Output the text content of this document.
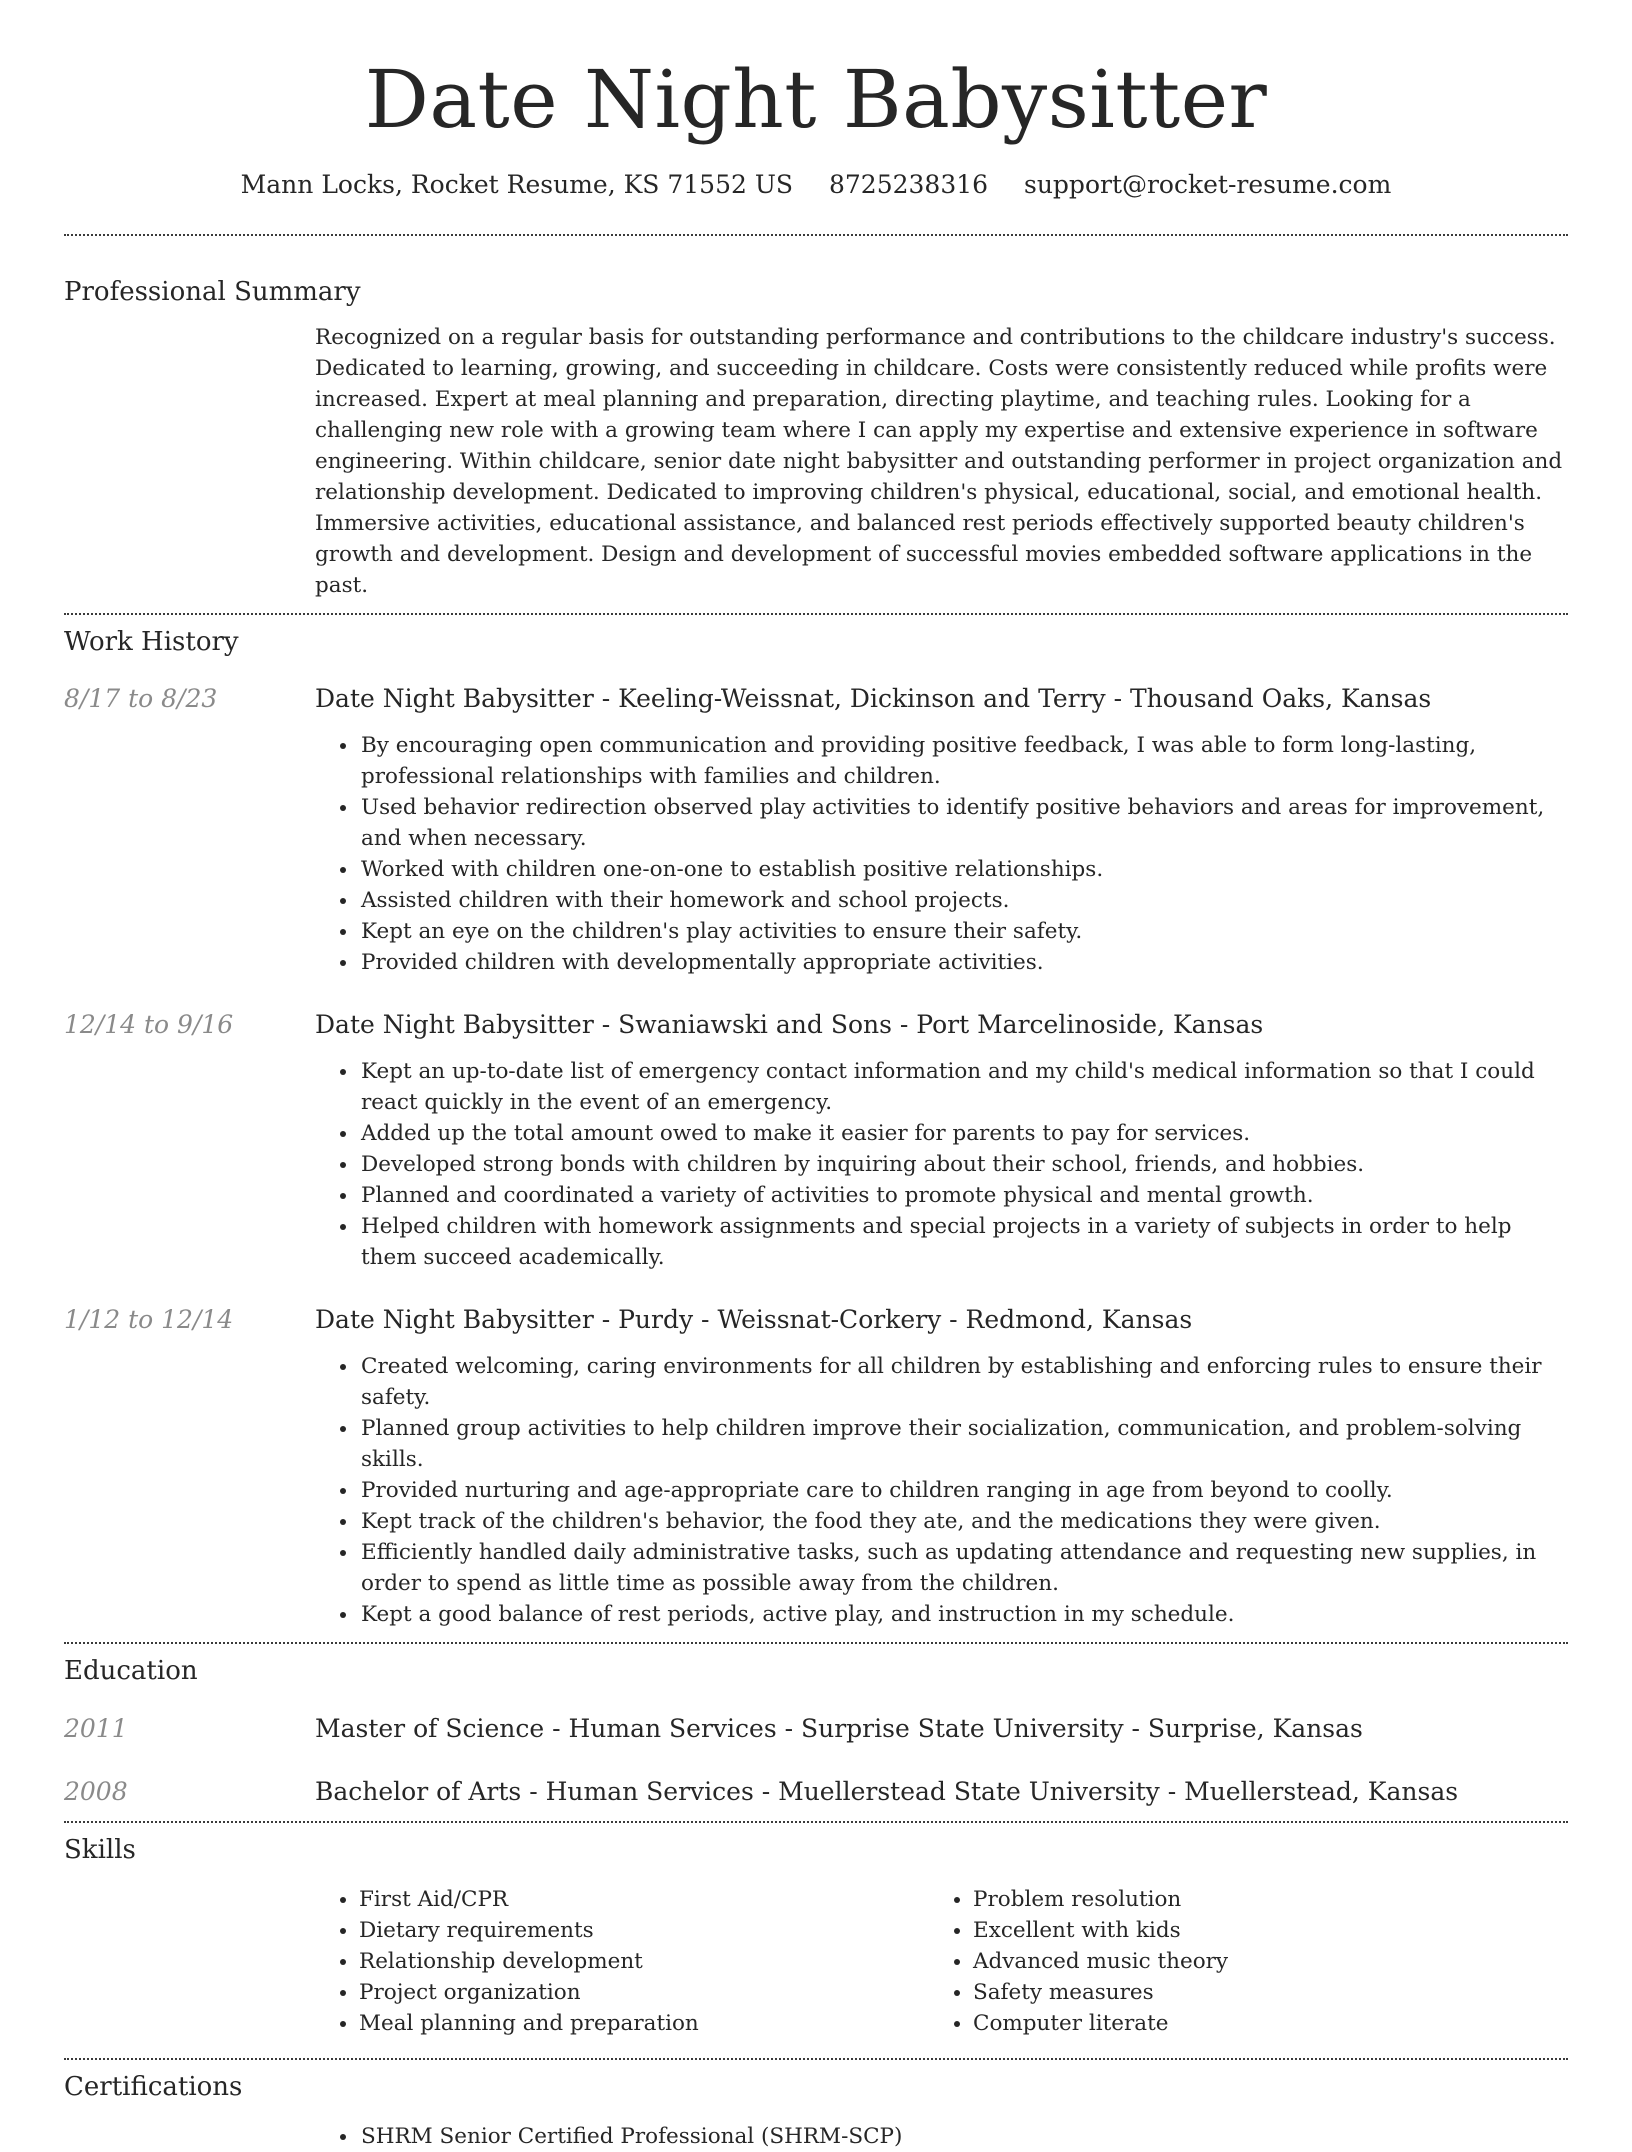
Date Night Babysitter
Mann Locks, Rocket Resume, KS 71552 US 8725238316 support@rocket-resume.com
Professional Summary
Recognized on a regular basis for outstanding performance and contributions to the childcare industry's success. Dedicated to learning, growing, and succeeding in childcare. Costs were consistently reduced while profits were increased. Expert at meal planning and preparation, directing playtime, and teaching rules. Looking for a challenging new role with a growing team where I can apply my expertise and extensive experience in software engineering. Within childcare, senior date night babysitter and outstanding performer in project organization and relationship development. Dedicated to improving children's physical, educational, social, and emotional health. Immersive activities, educational assistance, and balanced rest periods effectively supported beauty children's growth and development. Design and development of successful movies embedded software applications in the past.
Work History
8/17 to 8/23	Date Night Babysitter - Keeling-Weissnat, Dickinson and Terry - Thousand Oaks, Kansas
• By encouraging open communication and providing positive feedback, I was able to form long-lasting, professional relationships with families and children.
• Used behavior redirection observed play activities to identify positive behaviors and areas for improvement, and when necessary.
• Worked with children one-on-one to establish positive relationships.
• Assisted children with their homework and school projects.
• Kept an eye on the children's play activities to ensure their safety.
• Provided children with developmentally appropriate activities.
12/14 to 9/16	Date Night Babysitter - Swaniawski and Sons - Port Marcelinoside, Kansas
• Kept an up-to-date list of emergency contact information and my child's medical information so that I could react quickly in the event of an emergency.
• Added up the total amount owed to make it easier for parents to pay for services.
• Developed strong bonds with children by inquiring about their school, friends, and hobbies.
• Planned and coordinated a variety of activities to promote physical and mental growth.
• Helped children with homework assignments and special projects in a variety of subjects in order to help them succeed academically.
1/12 to 12/14	Date Night Babysitter - Purdy - Weissnat-Corkery - Redmond, Kansas
• Created welcoming, caring environments for all children by establishing and enforcing rules to ensure their safety.
• Planned group activities to help children improve their socialization, communication, and problem-solving skills.
• Provided nurturing and age-appropriate care to children ranging in age from beyond to coolly.
• Kept track of the children's behavior, the food they ate, and the medications they were given.
• Efficiently handled daily administrative tasks, such as updating attendance and requesting new supplies, in order to spend as little time as possible away from the children.
• Kept a good balance of rest periods, active play, and instruction in my schedule.
Education
2011	Master of Science - Human Services - Surprise State University - Surprise, Kansas
2008	Bachelor of Arts - Human Services - Muellerstead State University - Muellerstead, Kansas
Skills
• First Aid/CPR
• Dietary requirements
• Relationship development
• Project organization
• Meal planning and preparation
• Problem resolution
• Excellent with kids
• Advanced music theory
• Safety measures
• Computer literate
Certifications
• SHRM Senior Certified Professional (SHRM-SCP)
